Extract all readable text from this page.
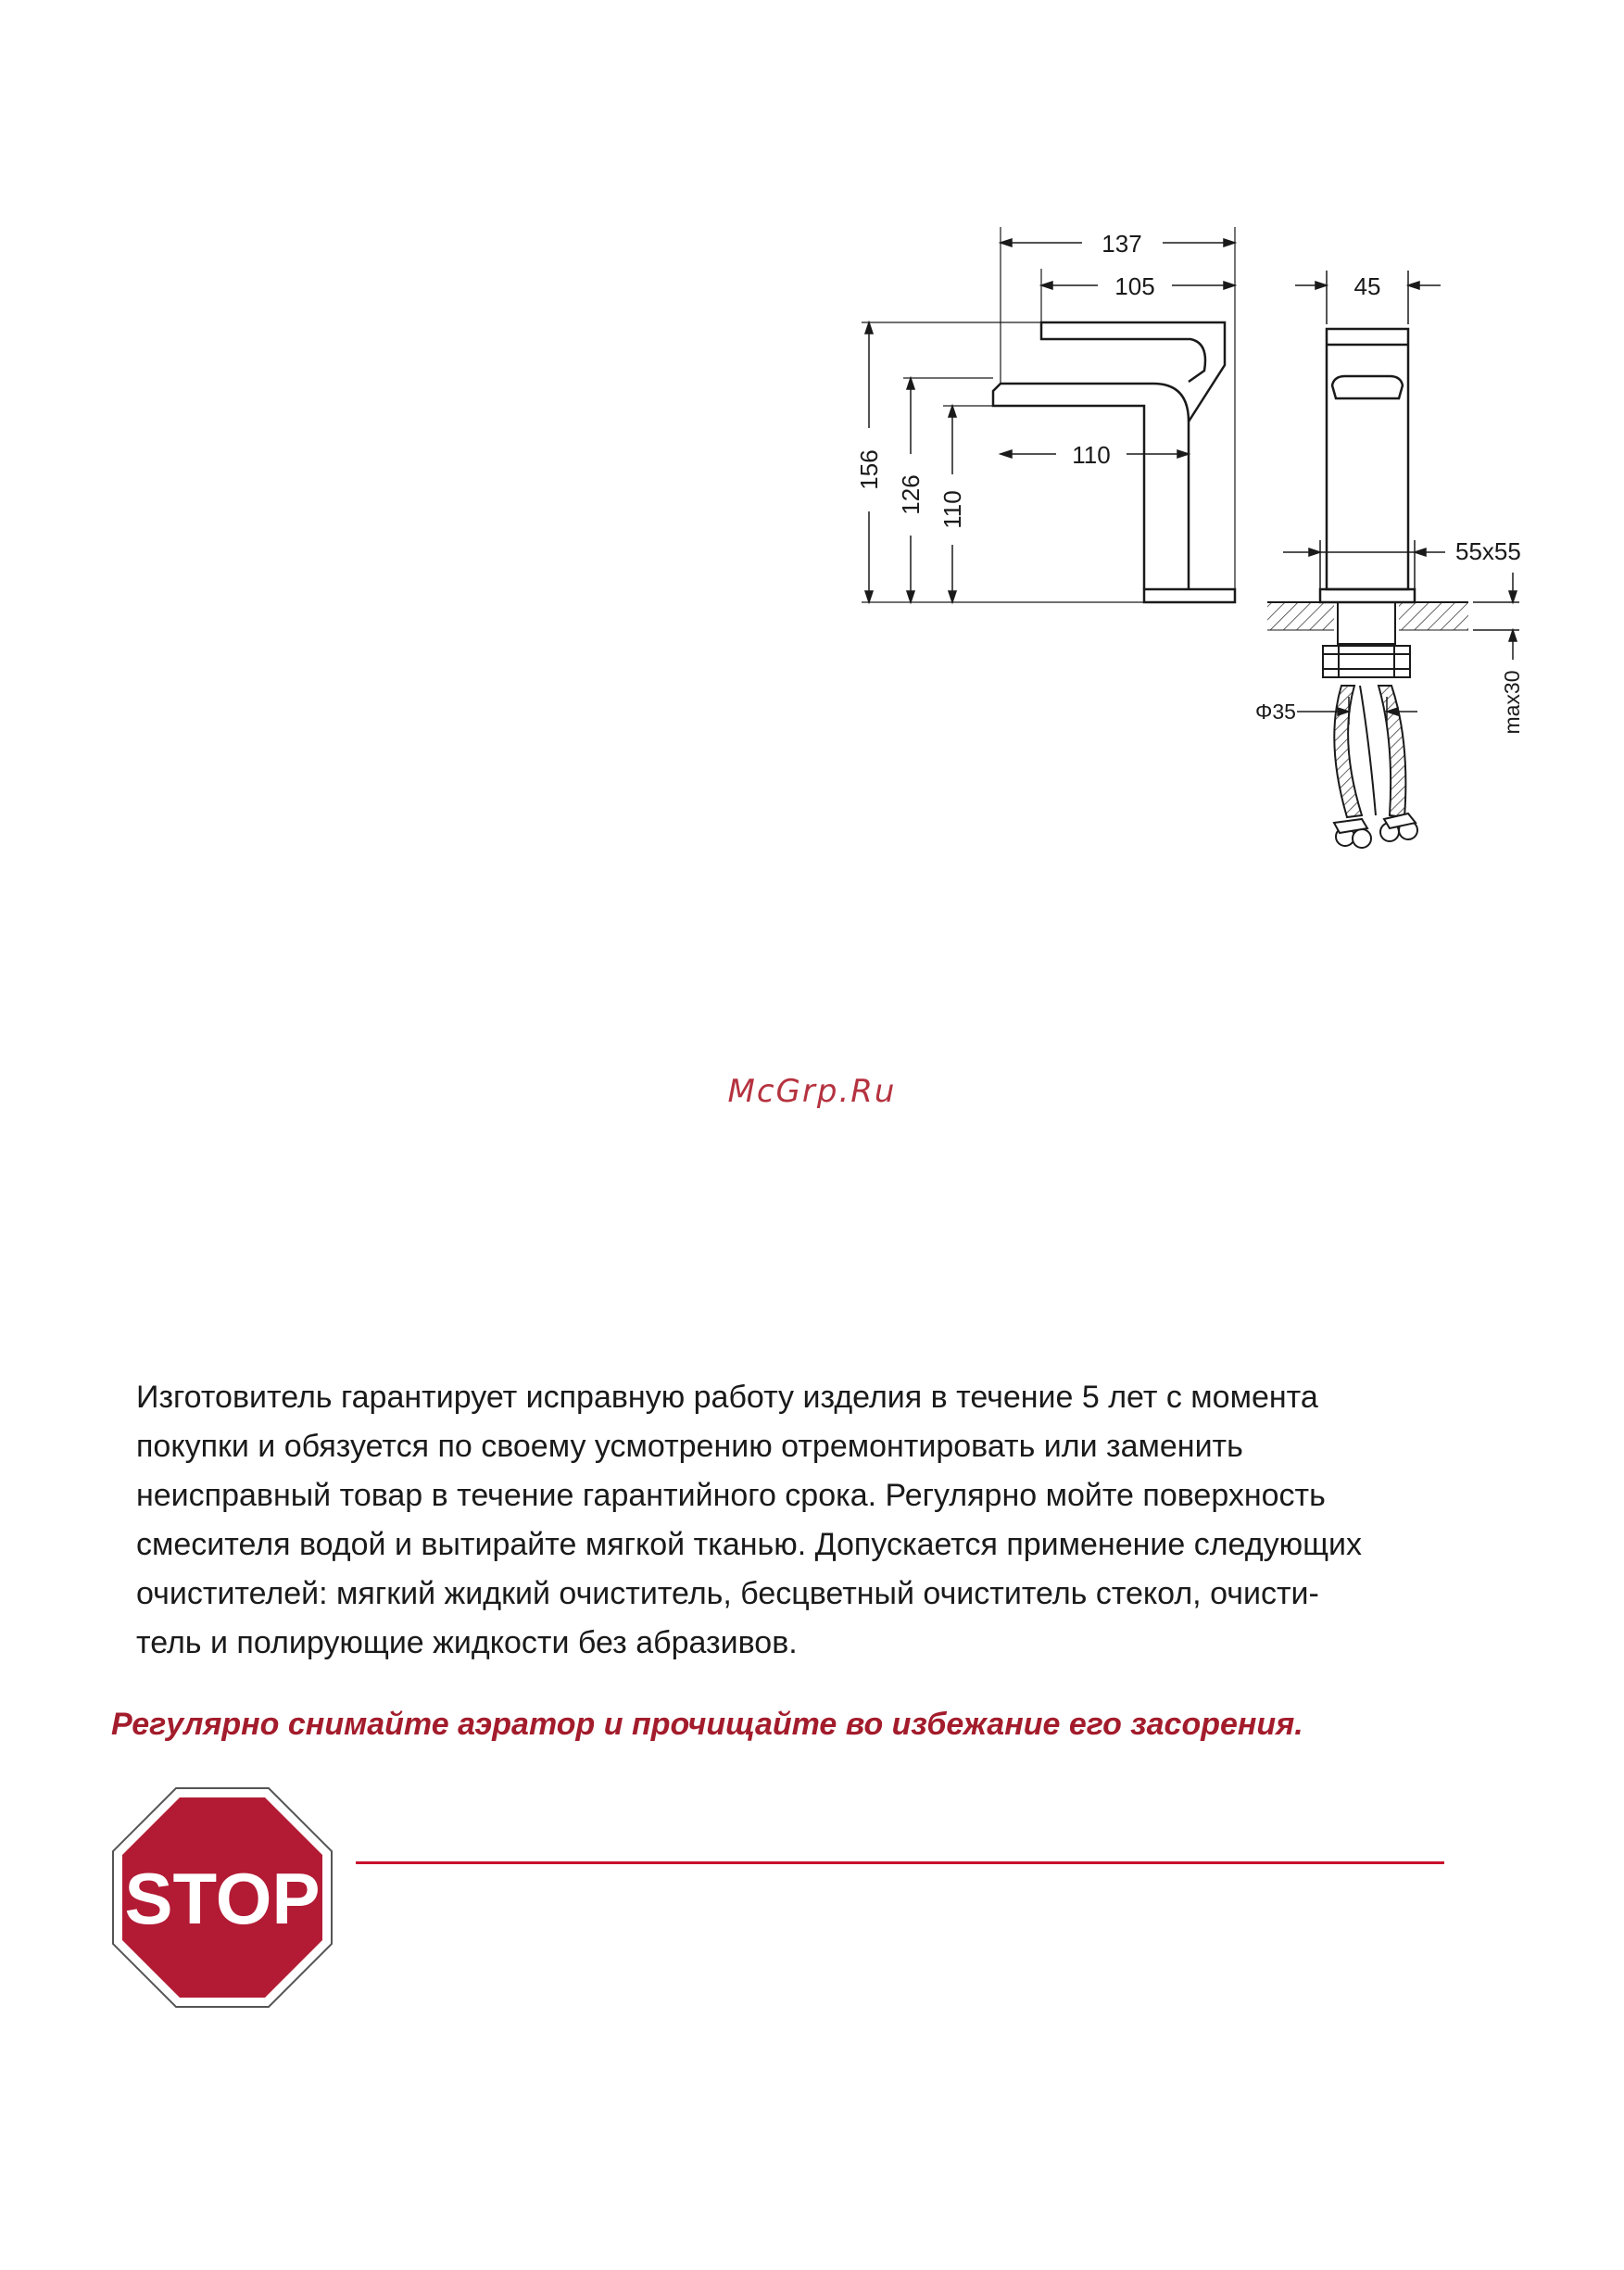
137
105
110
156
126 110
45
55x55
Φ35	max30
McGrp.Ru

Изготовитель гарантирует исправную работу изделия в течение 5 лет с момента
покупки и обязуется по своему усмотрению отремонтировать или заменить
неисправный товар в течение гарантийного срока. Регулярно мойте поверхность
смесителя водой и вытирайте мягкой тканью. Допускается применение следующих
очистителей: мягкий жидкий очиститель, бесцветный очиститель стекол, очисти-
тель и полирующие жидкости без абразивов.

Регулярно снимайте аэратор и прочищайте во избежание его засорения.

STOP
